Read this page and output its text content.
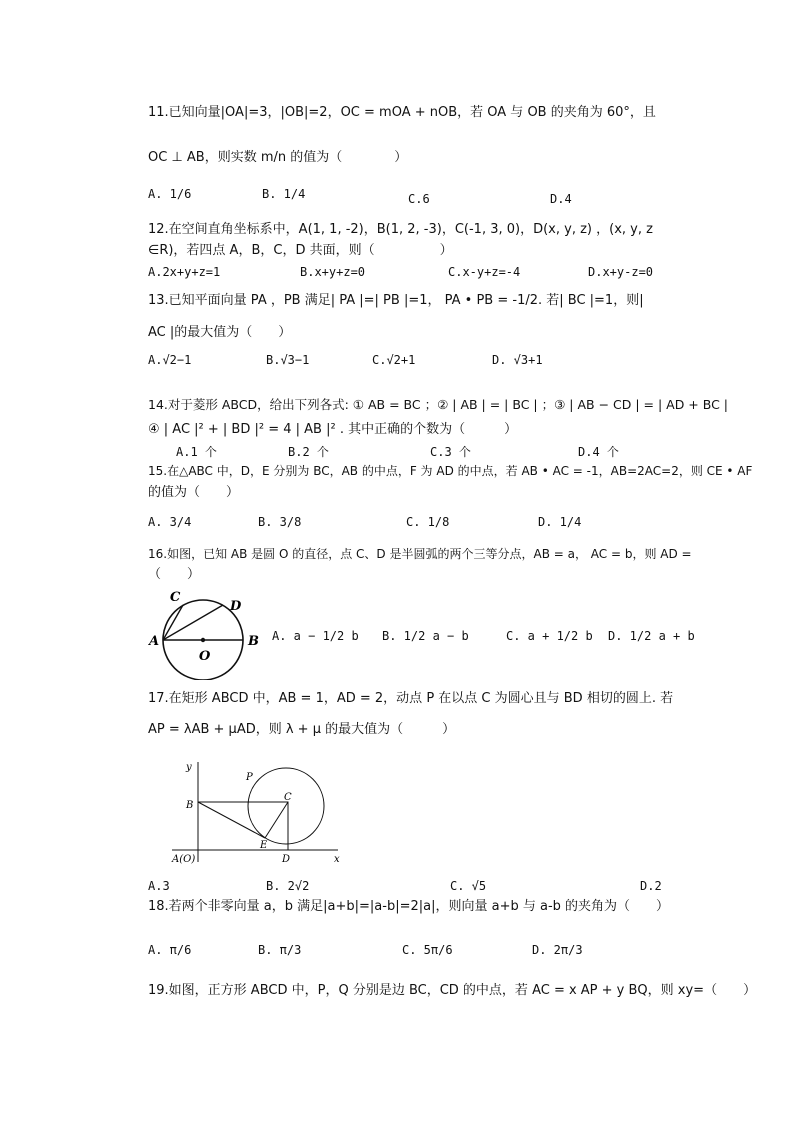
11.已知向量|OA|=3，|OB|=2，OC = mOA + nOB，若 OA 与 OB 的夹角为 60°，且
OC ⊥ AB，则实数 m/n 的值为（　　　　）
A. 1/6	B. 1/4	C.6	D.4
12.在空间直角坐标系中，A(1, 1, -2)，B(1, 2, -3)，C(-1, 3, 0)，D(x, y, z) ，(x, y, z
∈R)，若四点 A，B，C，D 共面，则（　　　　　）
A.2x+y+z=1	B.x+y+z=0	C.x-y+z=-4	D.x+y-z=0
13.已知平面向量 PA ，PB 满足| PA |=| PB |=1， PA • PB = -1/2. 若| BC |=1，则|
AC |的最大值为（　　）
A.√2−1	B.√3−1	C.√2+1	D. √3+1
14.对于菱形 ABCD，给出下列各式: ① AB = BC ；② | AB | = | BC | ；③ | AB − CD | = | AD + BC |
④ | AC |² + | BD |² = 4 | AB |² . 其中正确的个数为（　　　）
A.1 个	B.2 个	C.3 个	D.4 个
15.在△ABC 中，D，E 分别为 BC，AB 的中点，F 为 AD 的中点，若 AB • AC = -1，AB=2AC=2，则 CE • AF
的值为（　　）
A. 3/4	B. 3/8	C. 1/8	D. 1/4
16.如图，已知 AB 是圆 O 的直径，点 C、D 是半圆弧的两个三等分点，AB = a， AC = b，则 AD =
（　　）
C
D
A
O
B A. a − 1/2 b B. 1/2 a − b	C. a + 1/2 b D. 1/2 a + b
17.在矩形 ABCD 中，AB = 1，AD = 2，动点 P 在以点 C 为圆心且与 BD 相切的圆上. 若
AP = λAB + μAD，则 λ + μ 的最大值为（　　　）
y
P
C
B
E
A(O)	D	x
A.3	B. 2√2	C. √5	D.2
18.若两个非零向量 a，b 满足|a+b|=|a-b|=2|a|，则向量 a+b 与 a-b 的夹角为（　　）
A. π/6	B. π/3	C. 5π/6	D. 2π/3
19.如图，正方形 ABCD 中，P，Q 分别是边 BC，CD 的中点，若 AC = x AP + y BQ，则 xy=（　　）
